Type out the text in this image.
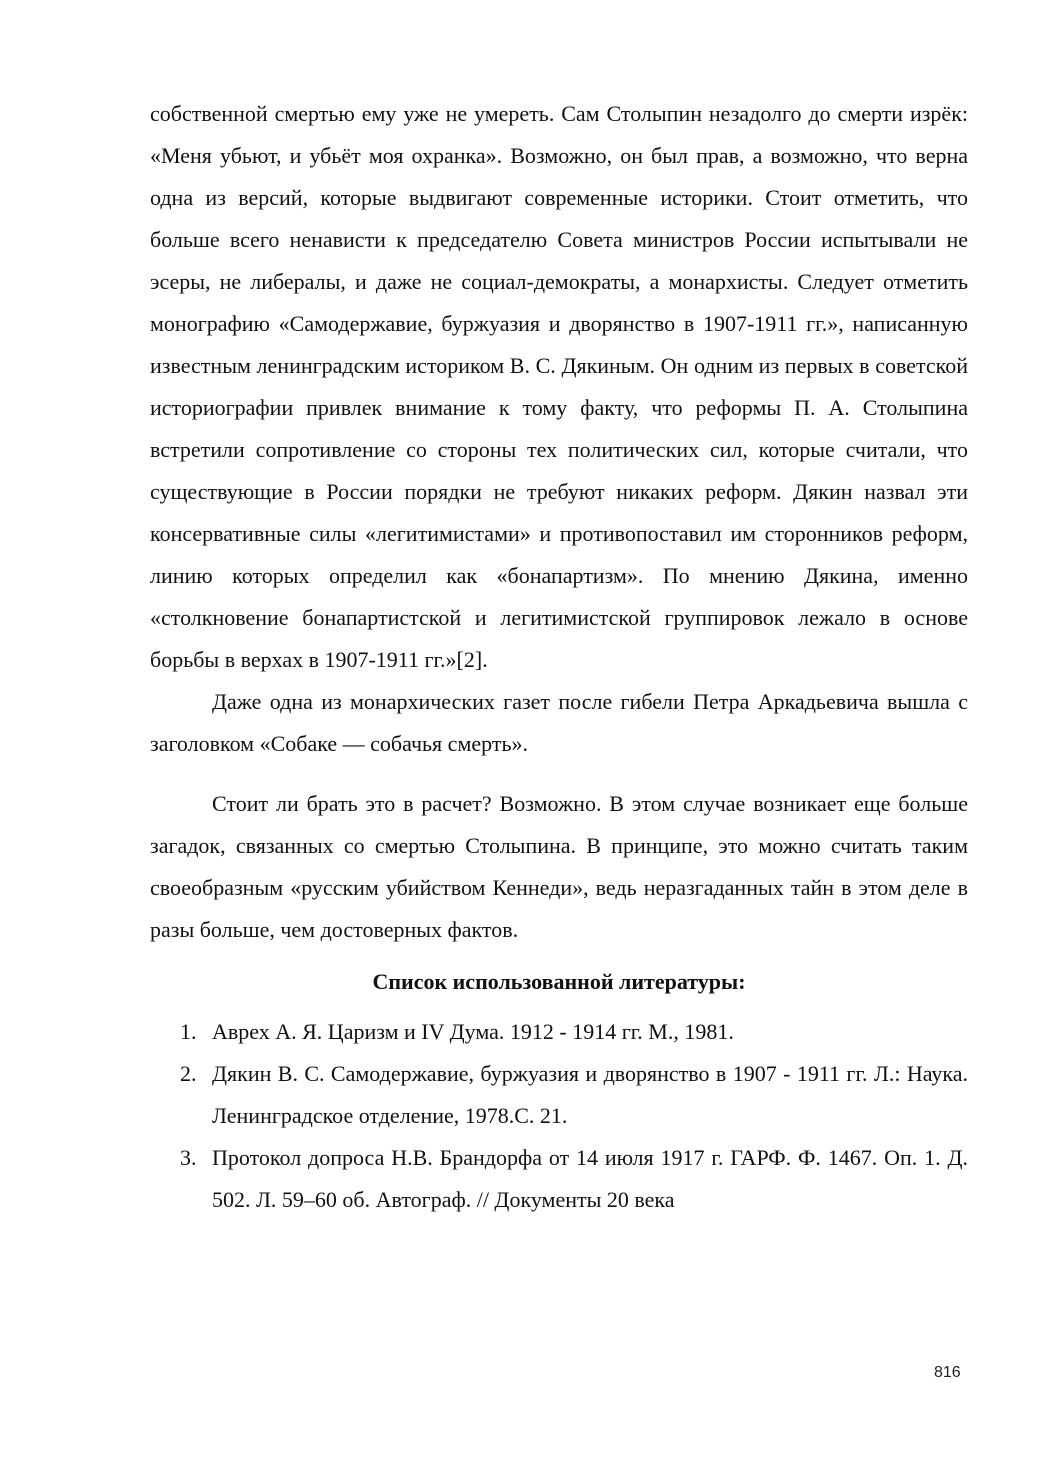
собственной смертью ему уже не умереть. Сам Столыпин незадолго до смерти изрёк: «Меня убьют, и убьёт моя охранка». Возможно, он был прав, а возможно, что верна одна из версий, которые выдвигают современные историки. Стоит отметить, что больше всего ненависти к председателю Совета министров России испытывали не эсеры, не либералы, и даже не социал-демократы, а монархисты. Следует отметить монографию «Самодержавие, буржуазия и дворянство в 1907-1911 гг.», написанную известным ленинградским историком В. С. Дякиным. Он одним из первых в советской историографии привлек внимание к тому факту, что реформы П. А. Столыпина встретили сопротивление со стороны тех политических сил, которые считали, что существующие в России порядки не требуют никаких реформ. Дякин назвал эти консервативные силы «легитимистами» и противопоставил им сторонников реформ, линию которых определил как «бонапартизм». По мнению Дякина, именно «столкновение бонапартистской и легитимистской группировок лежало в основе борьбы в верхах в 1907-1911 гг.»[2].

Даже одна из монархических газет после гибели Петра Аркадьевича вышла с заголовком «Собаке — собачья смерть».

Стоит ли брать это в расчет? Возможно. В этом случае возникает еще больше загадок, связанных со смертью Столыпина. В принципе, это можно считать таким своеобразным «русским убийством Кеннеди», ведь неразгаданных тайн в этом деле в разы больше, чем достоверных фактов.

Список использованной литературы:

1. Аврех А. Я. Царизм и IV Дума. 1912 - 1914 гг. М., 1981.
2. Дякин В. С. Самодержавие, буржуазия и дворянство в 1907 - 1911 гг. Л.: Наука. Ленинградское отделение, 1978.С. 21.
3. Протокол допроса Н.В. Брандорфа от 14 июля 1917 г. ГАРФ. Ф. 1467. Оп. 1. Д. 502. Л. 59–60 об. Автограф. // Документы 20 века
816
